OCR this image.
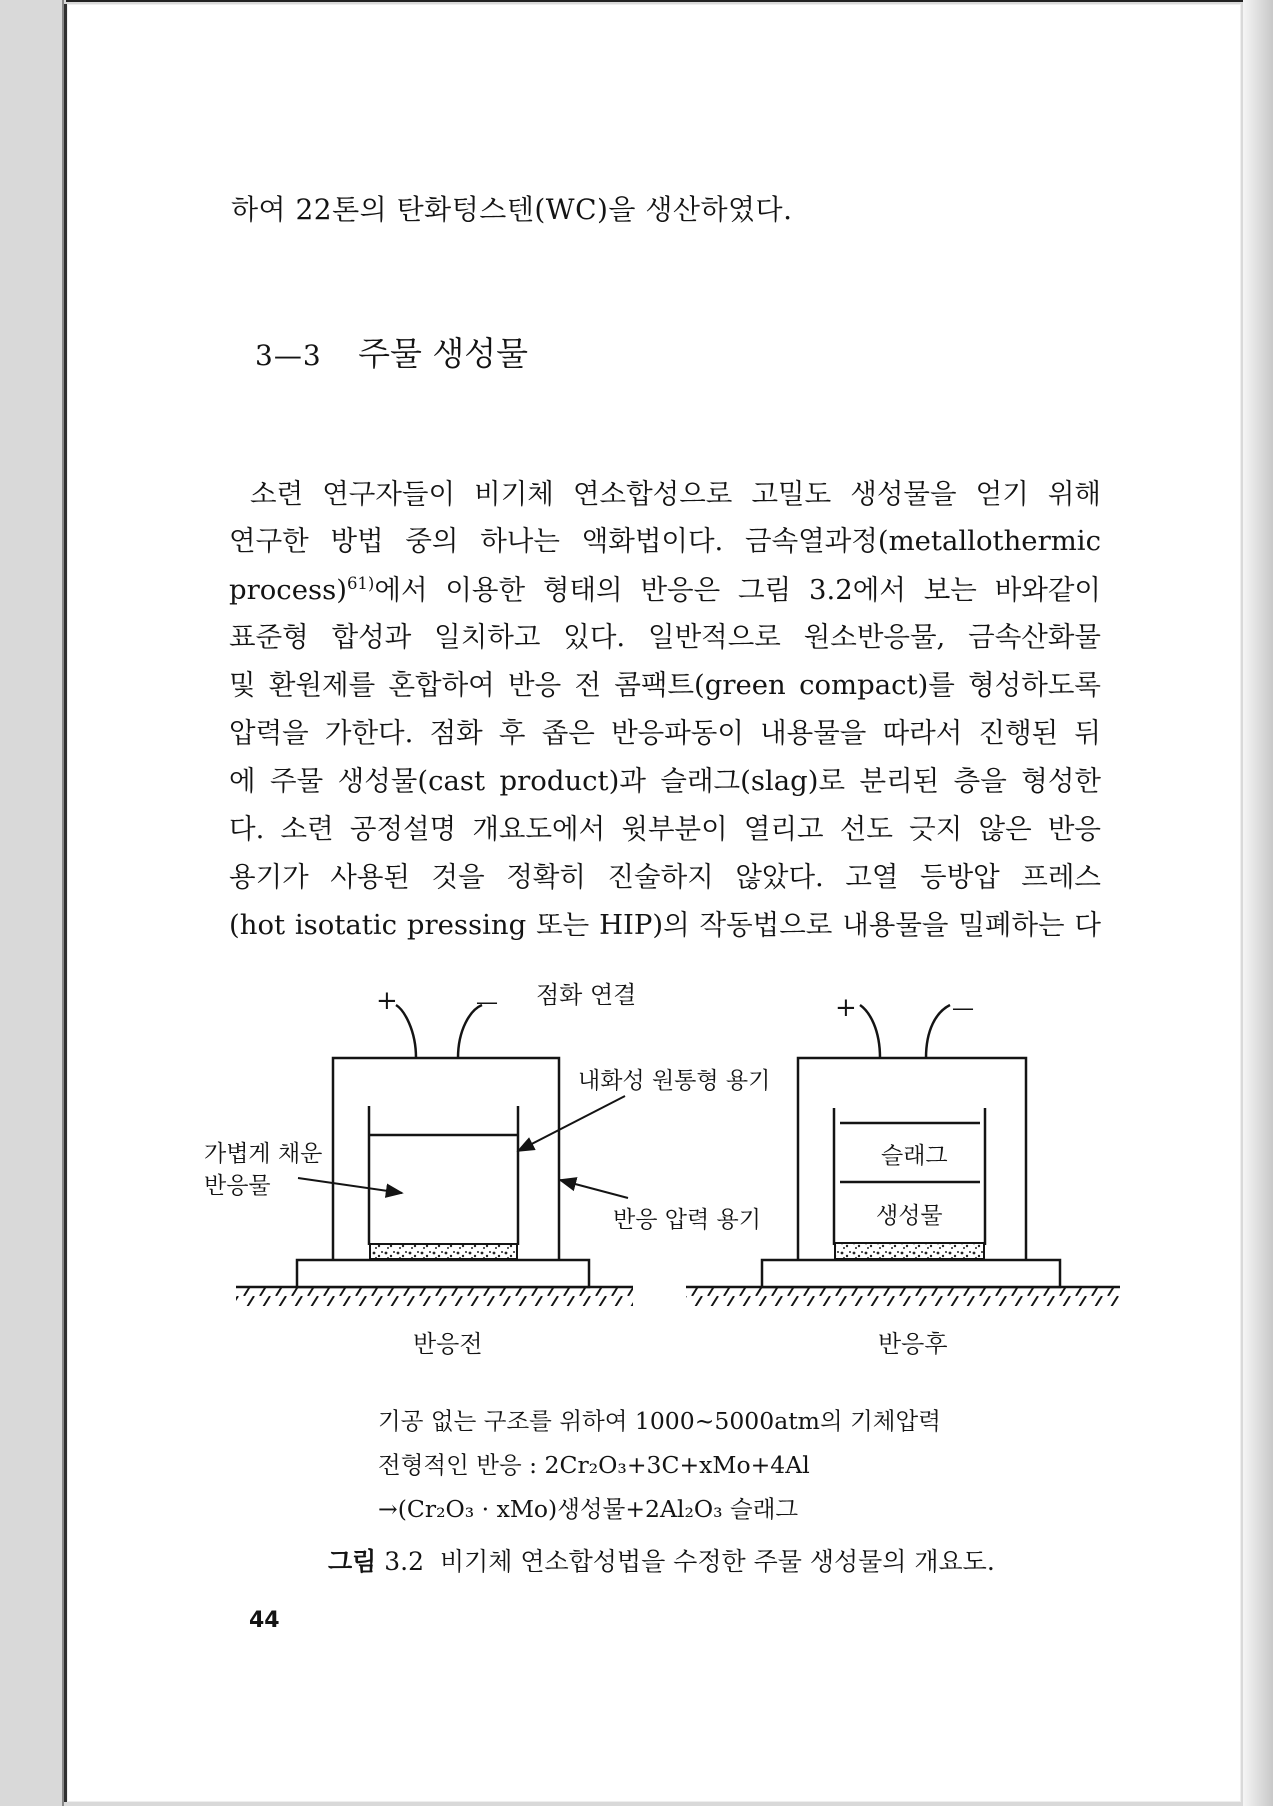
하여 22톤의 탄화텅스텐(WC)을 생산하였다.
3—3 주물 생성물
소련 연구자들이 비기체 연소합성으로 고밀도 생성물을 얻기 위해
연구한 방법 중의 하나는 액화법이다. 금속열과정(metallothermic
process)$^{61)}$에서 이용한 형태의 반응은 그림 3.2에서 보는 바와같이
표준형 합성과 일치하고 있다. 일반적으로 원소반응물, 금속산화물
및 환원제를 혼합하여 반응 전 콤팩트(green compact)를 형성하도록
압력을 가한다. 점화 후 좁은 반응파동이 내용물을 따라서 진행된 뒤
에 주물 생성물(cast product)과 슬래그(slag)로 분리된 층을 형성한
다. 소련 공정설명 개요도에서 윗부분이 열리고 선도 긋지 않은 반응
용기가 사용된 것을 정확히 진술하지 않았다. 고열 등방압 프레스
(hot isotatic pressing 또는 HIP)의 작동법으로 내용물을 밀폐하는 다
+	— 점화 연결
내화성 원통형 용기
가볍게 채운
반응물
반응 압력 용기
반응전
+	—
슬래그
생성물
반응후
기공 없는 구조를 위하여 1000~5000atm의 기체압력
전형적인 반응 : 2Cr₂O₃+3C+xMo+4Al
→(Cr₂O₃ · xMo)생성물+2Al₂O₃ 슬래그
그림 3.2 비기체 연소합성법을 수정한 주물 생성물의 개요도.
44
